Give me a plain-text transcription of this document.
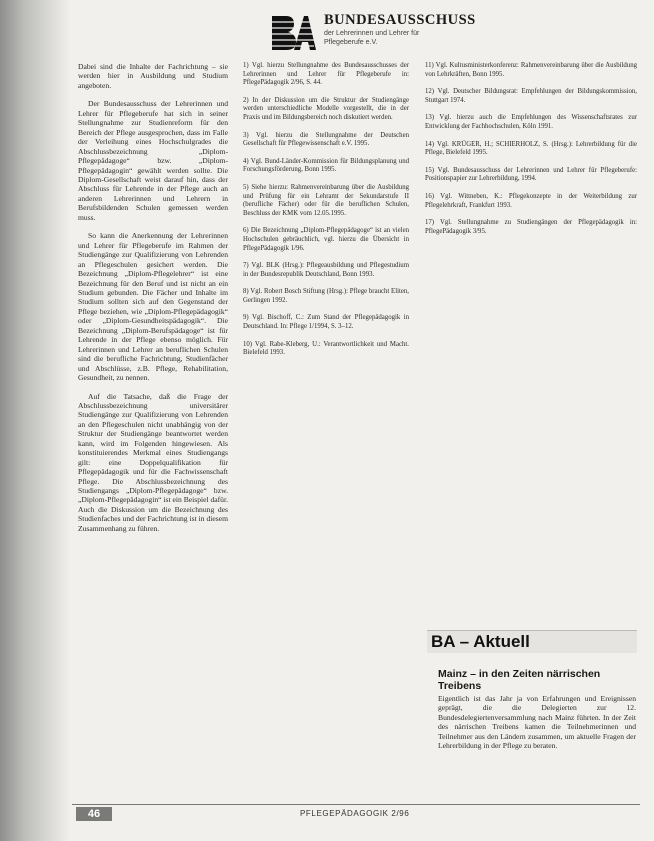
BUNDESAUSSCHUSS
der Lehrerinnen und Lehrer für
Pflegeberufe e.V.

Dabei sind die Inhalte der Fachrichtung – sie werden hier in Ausbildung und Studium angeboten.

Der Bundesausschuss der Lehrerinnen und Lehrer für Pflegeberufe hat sich in seiner Stellungnahme zur Studienreform für den Bereich der Pflege ausgesprochen, dass im Falle der Verleihung eines Hochschulgrades die Abschlussbezeichnung „Diplom-Pflegepädagoge“ bzw. „Diplom-Pflegepädagogin“ gewählt werden sollte. Die Diplom-Gesellschaft weist darauf hin, dass der Abschluss für Lehrende in der Pflege auch an anderen Lehrerinnen und Lehrern in Berufsbildenden Schulen gemessen werden muss.

So kann die Anerkennung der Lehrerinnen und Lehrer für Pflegeberufe im Rahmen der Studiengänge zur Qualifizierung von Lehrenden an Pflegeschulen gesichert werden. Die Bezeichnung „Diplom-Pflegelehrer“ ist eine Bezeichnung für den Beruf und ist nicht an ein Studium gebunden. Die Fächer und Inhalte im Studium sollten sich auf den Gegenstand der Pflege beziehen, wie „Diplom-Pflegepädagogik“ oder „Diplom-Gesundheitspädagogik“. Die Bezeichnung „Diplom-Berufspädagoge“ ist für Lehrende in der Pflege ebenso möglich. Für Lehrerinnen und Lehrer an beruflichen Schulen sind die berufliche Fachrichtung, Studienfächer und Abschlüsse, z.B. Pflege, Rehabilitation, Gesundheit, zu nennen.

Auf die Tatsache, daß die Frage der Abschlussbezeichnung universitärer Studiengänge zur Qualifizierung von Lehrenden an den Pflegeschulen nicht unabhängig von der Struktur der Studiengänge beantwortet werden kann, wird im Folgenden hingewiesen. Als konstituierendes Merkmal eines Studiengangs gilt: eine Doppelqualifikation für Pflegepädagogik und für die Fachwissenschaft Pflege. Die Abschlussbezeichnung des Studiengangs „Diplom-Pflegepädagoge“ bzw. „Diplom-Pflegepädagogin“ ist ein Beispiel dafür. Auch die Diskussion um die Bezeichnung des Studienfaches und der Fachrichtung ist in diesem Zusammenhang zu führen.

1) Vgl. hierzu Stellungnahme des Bundesausschusses der Lehrerinnen und Lehrer für Pflegeberufe in: PflegePädagogik 2/96, S. 44.

2) In der Diskussion um die Struktur der Studiengänge werden unterschiedliche Modelle vorgestellt, die in der Praxis und im Bildungsbereich noch diskutiert werden.

3) Vgl. hierzu die Stellungnahme der Deutschen Gesellschaft für Pflegewissenschaft e.V. 1995.

4) Vgl. Bund-Länder-Kommission für Bildungsplanung und Forschungsförderung, Bonn 1995.

5) Siehe hierzu: Rahmenvereinbarung über die Ausbildung und Prüfung für ein Lehramt der Sekundarstufe II (berufliche Fächer) oder für die beruflichen Schulen, Beschluss der KMK vom 12.05.1995.

6) Die Bezeichnung „Diplom-Pflegepädagoge“ ist an vielen Hochschulen gebräuchlich, vgl. hierzu die Übersicht in PflegePädagogik 1/96.

7) Vgl. BLK (Hrsg.): Pflegeausbildung und Pflegestudium in der Bundesrepublik Deutschland, Bonn 1993.

8) Vgl. Robert Bosch Stiftung (Hrsg.): Pflege braucht Eliten, Gerlingen 1992.

9) Vgl. Bischoff, C.: Zum Stand der Pflegepädagogik in Deutschland. In: Pflege 1/1994, S. 3–12.

10) Vgl. Rabe-Kleberg, U.: Verantwortlichkeit und Macht. Bielefeld 1993.

11) Vgl. Kultusministerkonferenz: Rahmenvereinbarung über die Ausbildung von Lehrkräften, Bonn 1995.

12) Vgl. Deutscher Bildungsrat: Empfehlungen der Bildungskommission, Stuttgart 1974.

13) Vgl. hierzu auch die Empfehlungen des Wissenschaftsrates zur Entwicklung der Fachhochschulen, Köln 1991.

14) Vgl. KRÜGER, H.; SCHIERHOLZ, S. (Hrsg.): Lehrerbildung für die Pflege, Bielefeld 1995.

15) Vgl. Bundesausschuss der Lehrerinnen und Lehrer für Pflegeberufe: Positionspapier zur Lehrerbildung, 1994.

16) Vgl. Wittneben, K.: Pflegekonzepte in der Weiterbildung zur Pflegelehrkraft, Frankfurt 1993.

17) Vgl. Stellungnahme zu Studiengängen der Pflegepädagogik in: PflegePädagogik 3/95.

BA – Aktuell
Mainz – in den Zeiten närrischen Treibens
Eigentlich ist das Jahr ja von Erfahrungen und Ereignissen geprägt, die die Delegierten zur 12. Bundesdelegiertenversammlung nach Mainz führten. In der Zeit des närrischen Treibens kamen die Teilnehmerinnen und Teilnehmer aus den Ländern zusammen, um aktuelle Fragen der Lehrerbildung in der Pflege zu beraten.
46	PFLEGEPÄDAGOGIK 2/96
